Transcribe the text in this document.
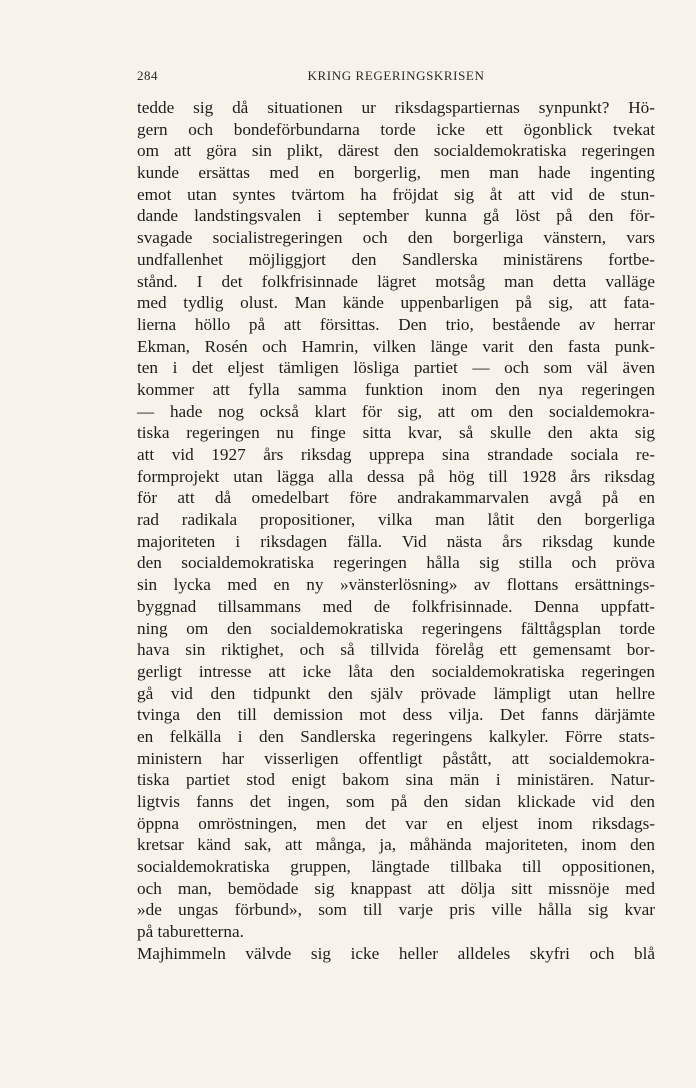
284	KRING REGERINGSKRISEN
tedde sig då situationen ur riksdagspartiernas synpunkt? Hö-
gern och bondeförbundarna torde icke ett ögonblick tvekat
om att göra sin plikt, därest den socialdemokratiska regeringen
kunde ersättas med en borgerlig, men man hade ingenting
emot utan syntes tvärtom ha fröjdat sig åt att vid de stun-
dande landstingsvalen i september kunna gå löst på den för-
svagade socialistregeringen och den borgerliga vänstern, vars
undfallenhet möjliggjort den Sandlerska ministärens fortbe-
stånd. I det folkfrisinnade lägret motsåg man detta valläge
med tydlig olust. Man kände uppenbarligen på sig, att fata-
lierna höllo på att försittas. Den trio, bestående av herrar
Ekman, Rosén och Hamrin, vilken länge varit den fasta punk-
ten i det eljest tämligen lösliga partiet — och som väl även
kommer att fylla samma funktion inom den nya regeringen
— hade nog också klart för sig, att om den socialdemokra-
tiska regeringen nu finge sitta kvar, så skulle den akta sig
att vid 1927 års riksdag upprepa sina strandade sociala re-
formprojekt utan lägga alla dessa på hög till 1928 års riksdag
för att då omedelbart före andrakammarvalen avgå på en
rad radikala propositioner, vilka man låtit den borgerliga
majoriteten i riksdagen fälla. Vid nästa års riksdag kunde
den socialdemokratiska regeringen hålla sig stilla och pröva
sin lycka med en ny »vänsterlösning» av flottans ersättnings-
byggnad tillsammans med de folkfrisinnade. Denna uppfatt-
ning om den socialdemokratiska regeringens fälttågsplan torde
hava sin riktighet, och så tillvida förelåg ett gemensamt bor-
gerligt intresse att icke låta den socialdemokratiska regeringen
gå vid den tidpunkt den själv prövade lämpligt utan hellre
tvinga den till demission mot dess vilja. Det fanns därjämte
en felkälla i den Sandlerska regeringens kalkyler. Förre stats-
ministern har visserligen offentligt påstått, att socialdemokra-
tiska partiet stod enigt bakom sina män i ministären. Natur-
ligtvis fanns det ingen, som på den sidan klickade vid den
öppna omröstningen, men det var en eljest inom riksdags-
kretsar känd sak, att många, ja, måhända majoriteten, inom den
socialdemokratiska gruppen, längtade tillbaka till oppositionen,
och man, bemödade sig knappast att dölja sitt missnöje med
»de ungas förbund», som till varje pris ville hålla sig kvar
på taburetterna.
Majhimmeln välvde sig icke heller alldeles skyfri och blå
